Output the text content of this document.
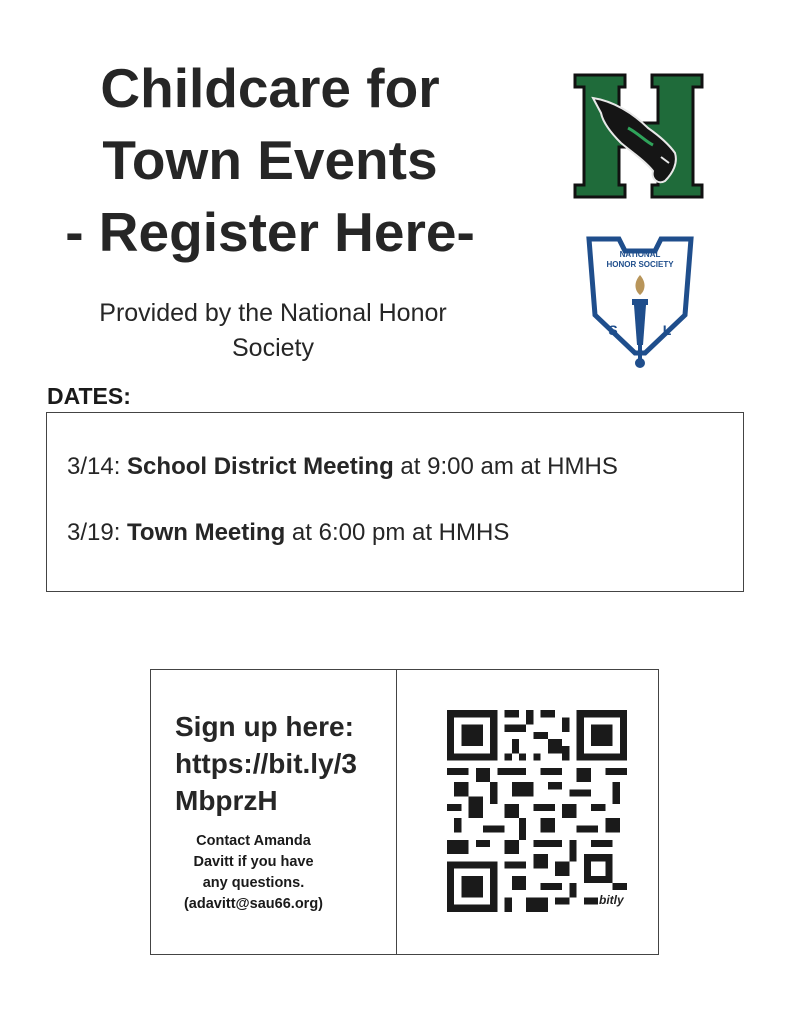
Childcare for
Town Events
- Register Here-
Provided by the National Honor
Society
NATIONAL
HONOR SOCIETY
S	L
DATES:
3/14: School District Meeting at 9:00 am at HMHS
3/19: Town Meeting at 6:00 pm at HMHS
Sign up here:
https://bit.ly/3
MbprzH
Contact Amanda
Davitt if you have
any questions.
(adavitt@sau66.org)	bitly
